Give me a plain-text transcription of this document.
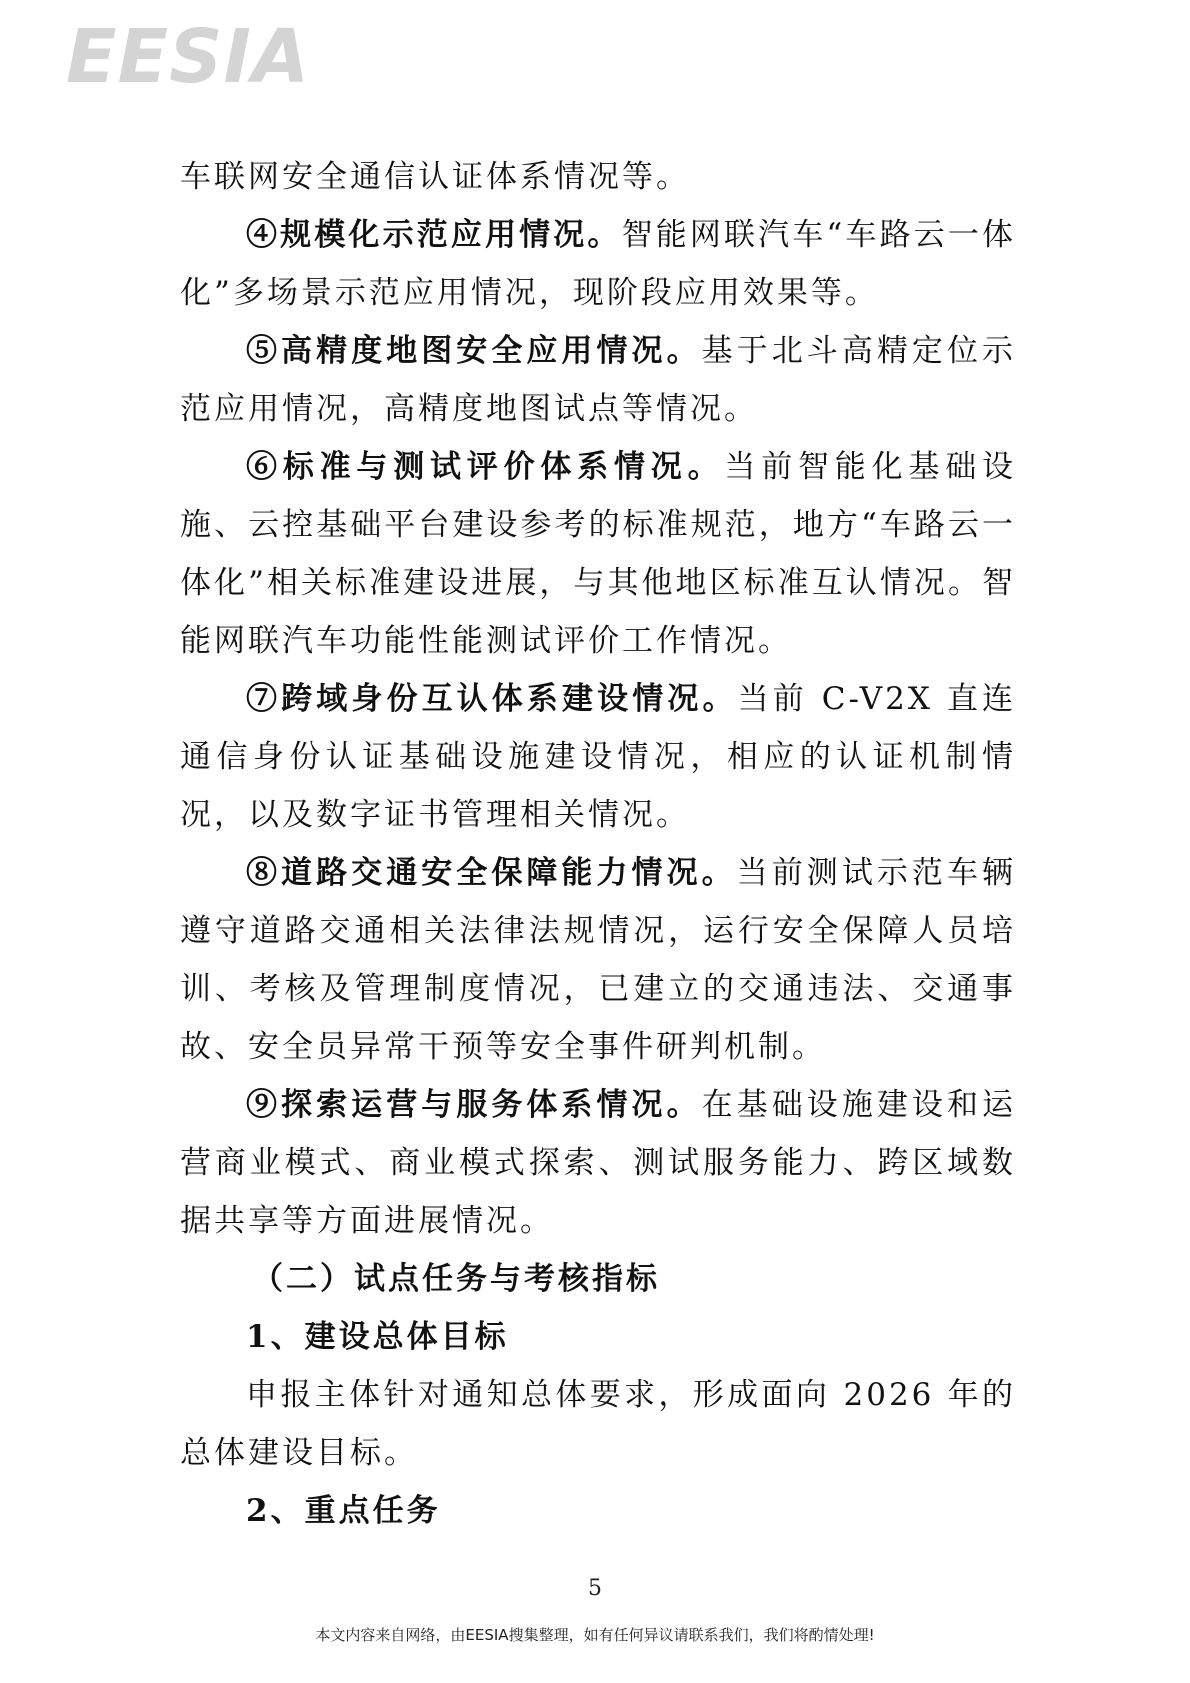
EESIA

车联网安全通信认证体系情况等。

④规模化示范应用情况。智能网联汽车“车路云一体化”多场景示范应用情况，现阶段应用效果等。

⑤高精度地图安全应用情况。基于北斗高精定位示范应用情况，高精度地图试点等情况。

⑥标准与测试评价体系情况。当前智能化基础设施、云控基础平台建设参考的标准规范，地方“车路云一体化”相关标准建设进展，与其他地区标准互认情况。智能网联汽车功能性能测试评价工作情况。

⑦跨域身份互认体系建设情况。当前 C-V2X 直连通信身份认证基础设施建设情况，相应的认证机制情况，以及数字证书管理相关情况。

⑧道路交通安全保障能力情况。当前测试示范车辆遵守道路交通相关法律法规情况，运行安全保障人员培训、考核及管理制度情况，已建立的交通违法、交通事故、安全员异常干预等安全事件研判机制。

⑨探索运营与服务体系情况。在基础设施建设和运营商业模式、商业模式探索、测试服务能力、跨区域数据共享等方面进展情况。

（二）试点任务与考核指标

1、建设总体目标

申报主体针对通知总体要求，形成面向 2026 年的总体建设目标。

2、重点任务

5
本文内容来自网络，由EESIA搜集整理，如有任何异议请联系我们，我们将酌情处理!
